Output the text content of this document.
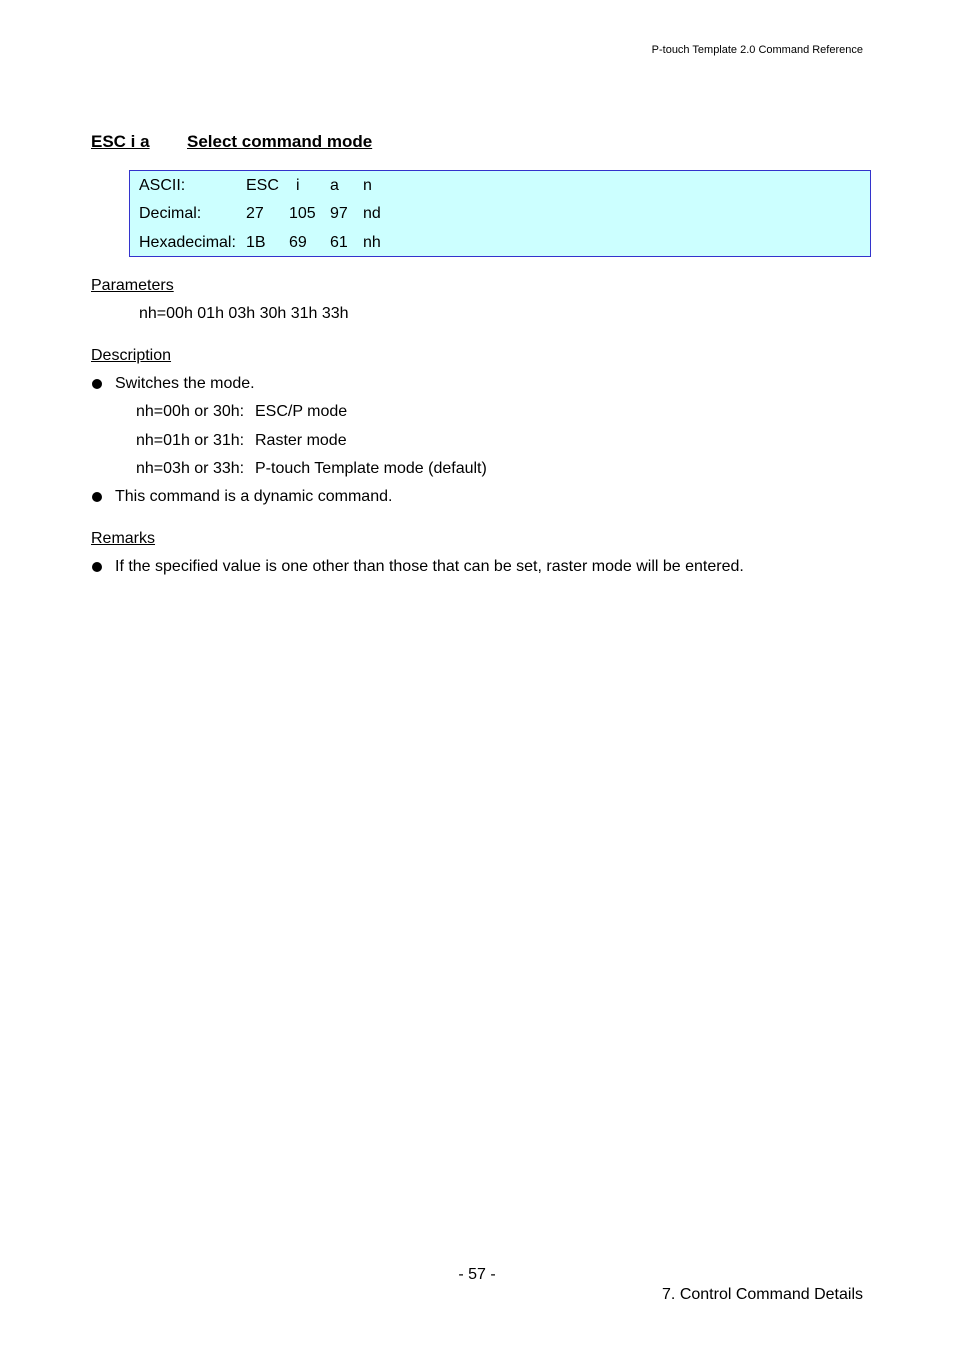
P-touch Template 2.0 Command Reference
ESC i a	Select command mode
ASCII:	ESC i a n
Decimal:	27 105 97 nd
Hexadecimal: 1B 69 61 nh
Parameters
nh=00h 01h 03h 30h 31h 33h
Description
Switches the mode.
nh=00h or 30h: ESC/P mode
nh=01h or 31h: Raster mode
nh=03h or 33h: P-touch Template mode (default)
This command is a dynamic command.
Remarks
If the specified value is one other than those that can be set, raster mode will be entered.
- 57 -
7. Control Command Details
